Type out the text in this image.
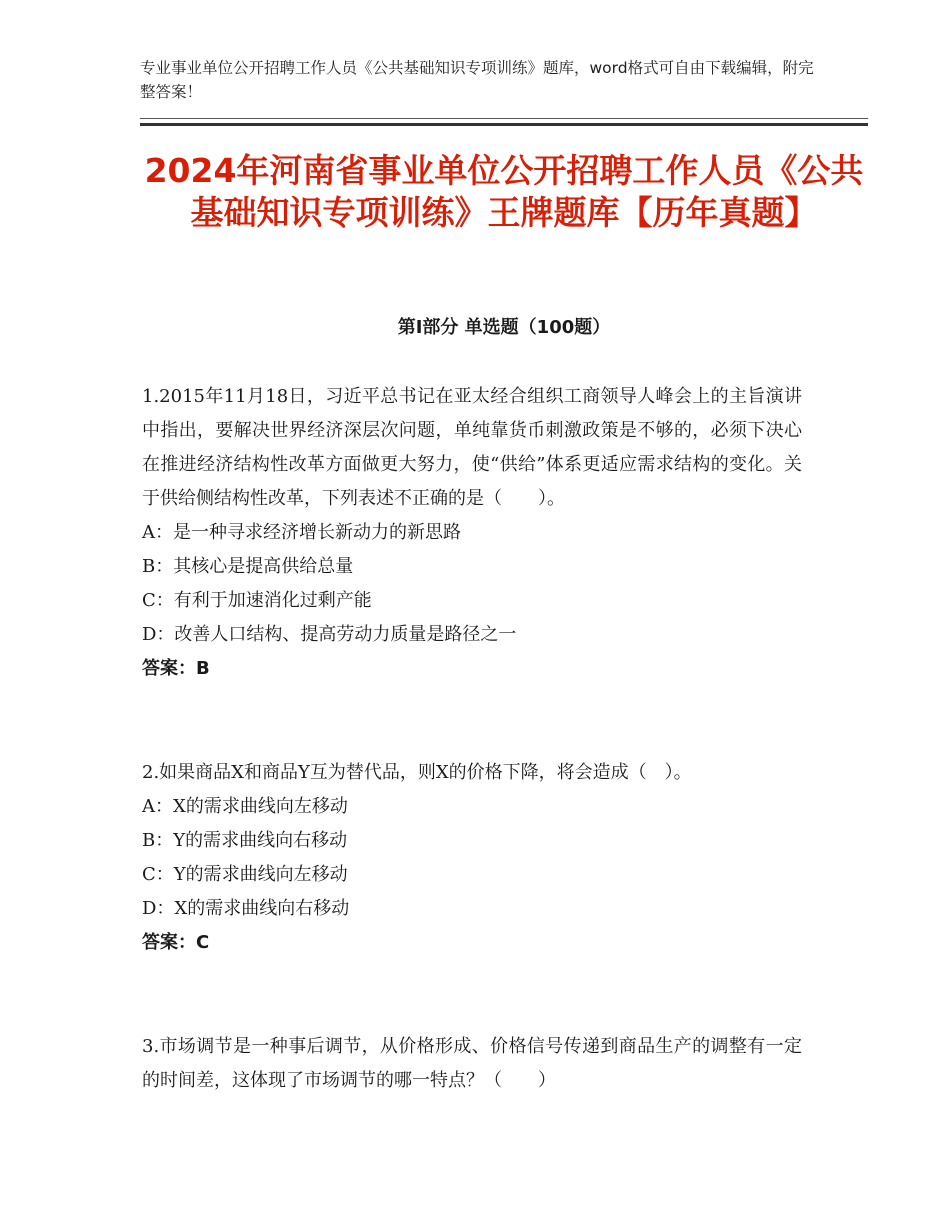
专业事业单位公开招聘工作人员《公共基础知识专项训练》题库，word格式可自由下载编辑，附完整答案！
2024年河南省事业单位公开招聘工作人员《公共基础知识专项训练》王牌题库【历年真题】
第Ⅰ部分 单选题（100题）

1.2015年11月18日，习近平总书记在亚太经合组织工商领导人峰会上的主旨演讲中指出，要解决世界经济深层次问题，单纯靠货币刺激政策是不够的，必须下决心在推进经济结构性改革方面做更大努力，使“供给”体系更适应需求结构的变化。关于供给侧结构性改革，下列表述不正确的是（　　）。

A：是一种寻求经济增长新动力的新思路

B：其核心是提高供给总量

C：有利于加速消化过剩产能

D：改善人口结构、提高劳动力质量是路径之一

答案：B

2.如果商品X和商品Y互为替代品，则X的价格下降，将会造成（　）。

A：X的需求曲线向左移动

B：Y的需求曲线向右移动

C：Y的需求曲线向左移动

D：X的需求曲线向右移动

答案：C

3.市场调节是一种事后调节，从价格形成、价格信号传递到商品生产的调整有一定的时间差，这体现了市场调节的哪一特点？（　　）
